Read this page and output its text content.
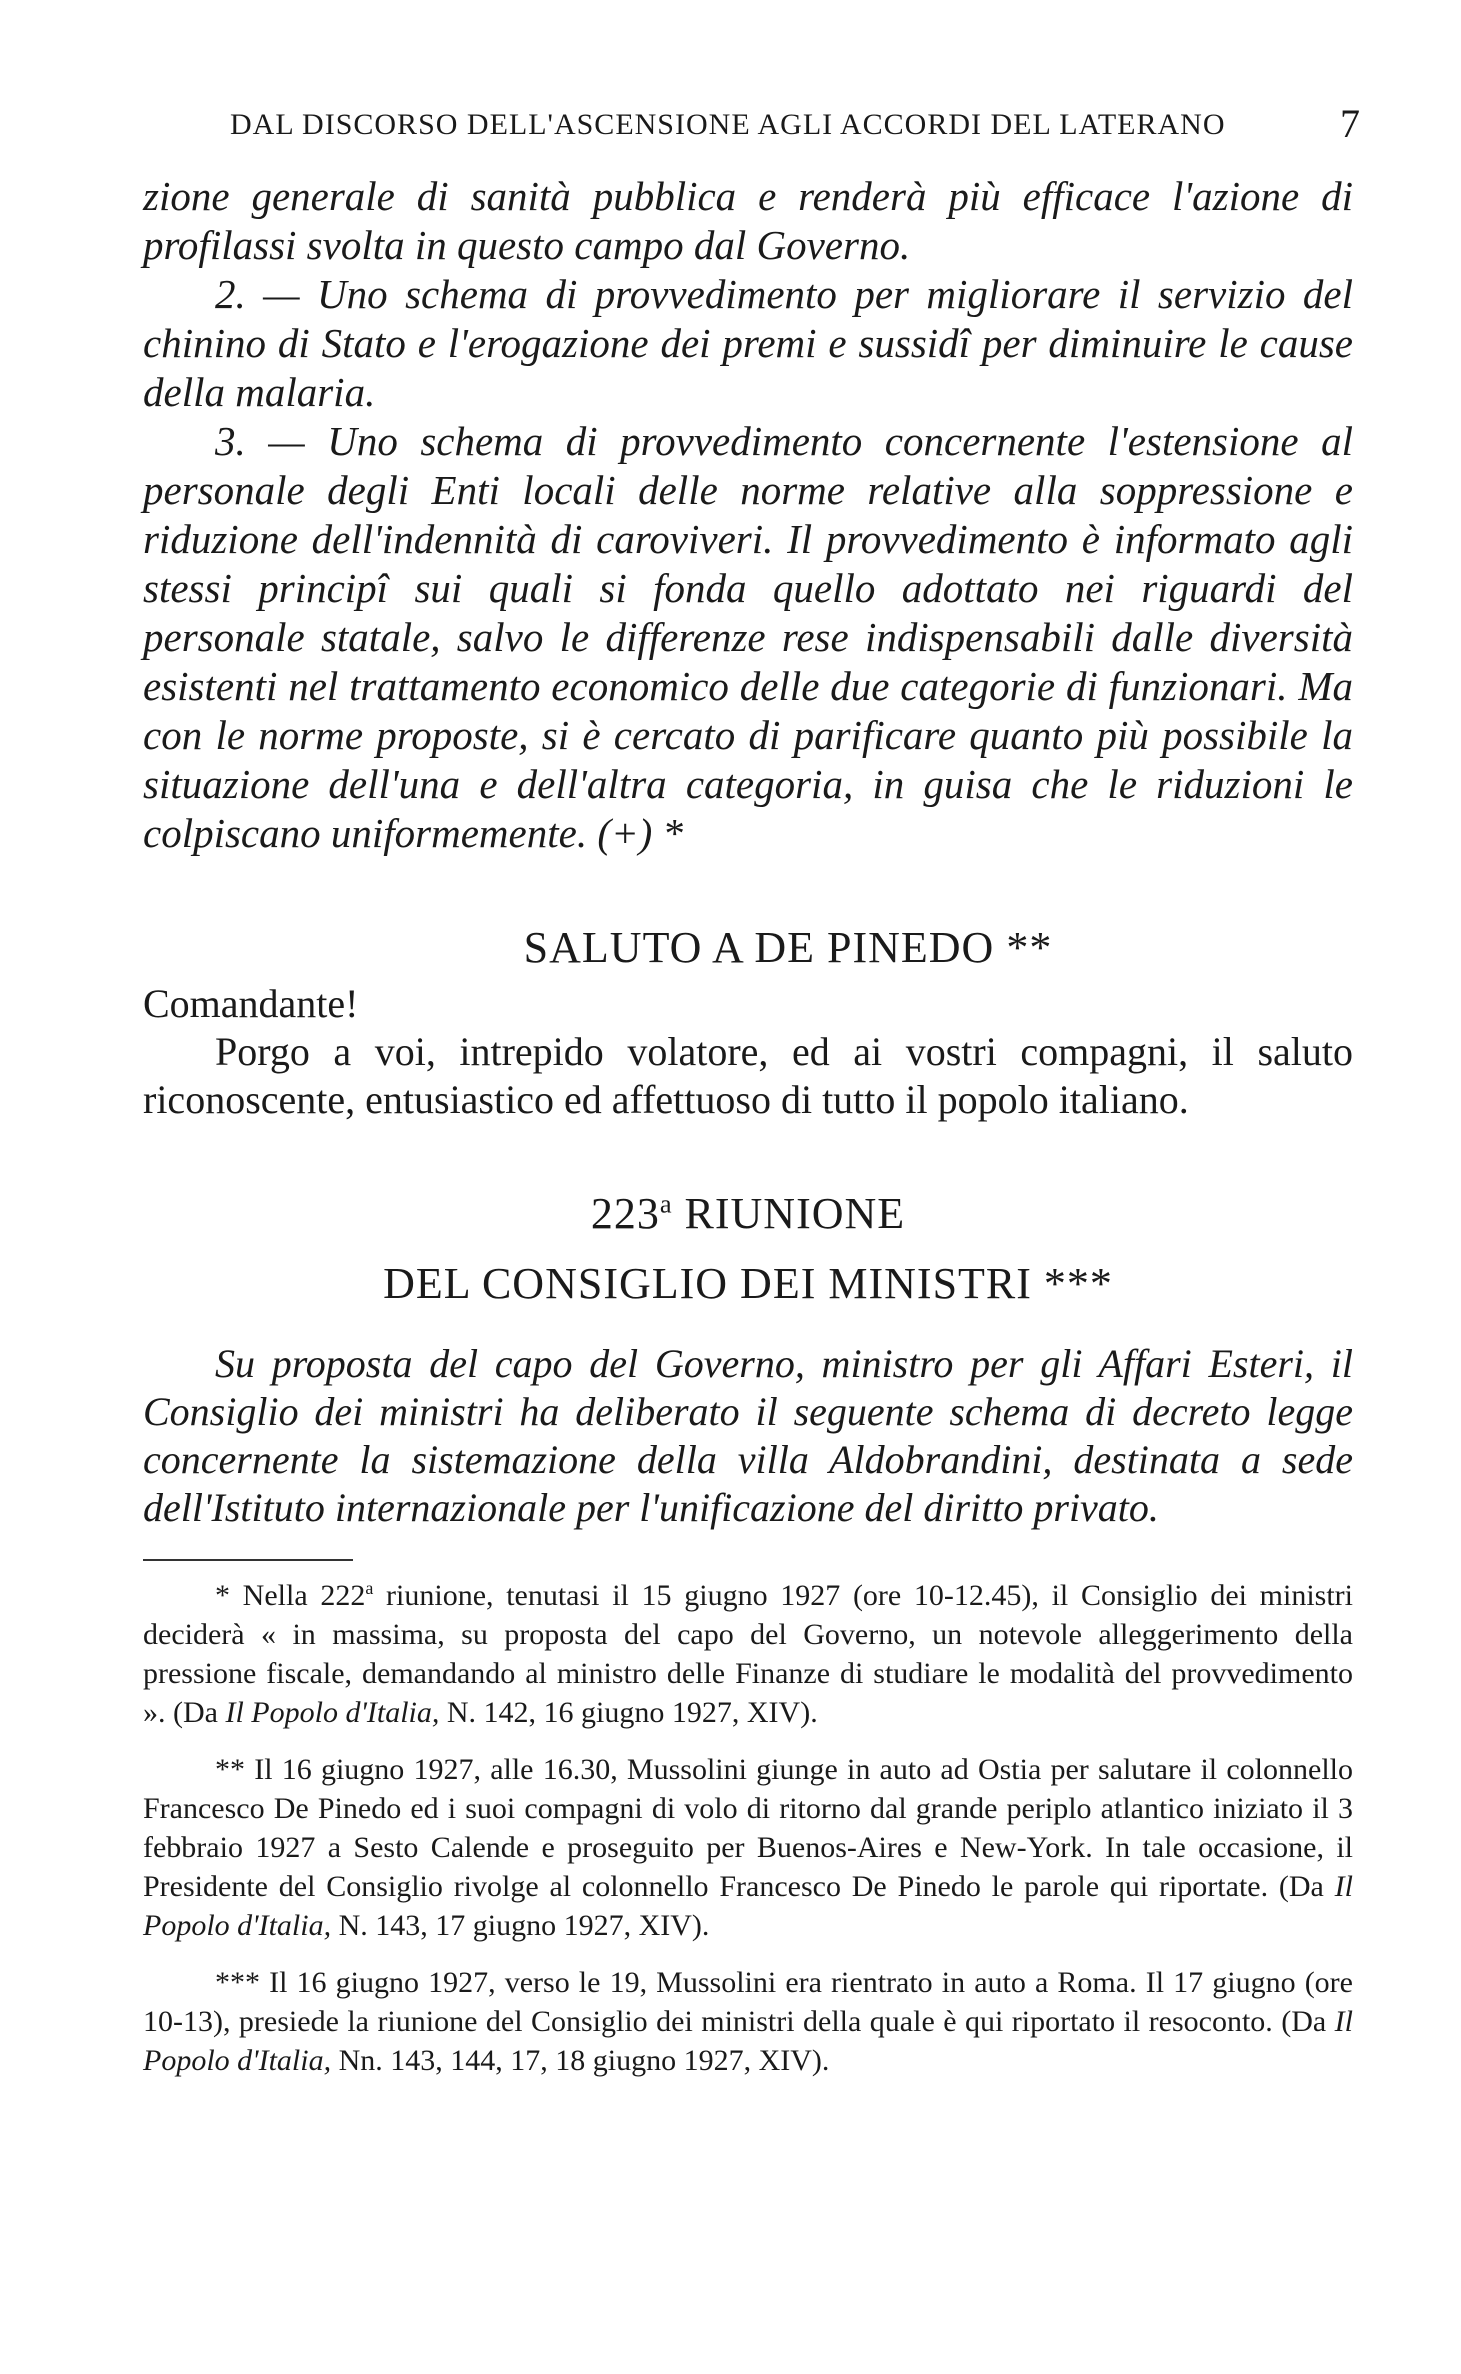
DAL DISCORSO DELL'ASCENSIONE AGLI ACCORDI DEL LATERANO	7

zione generale di sanità pubblica e renderà più efficace l'azione di profilassi svolta in questo campo dal Governo.

2. — Uno schema di provvedimento per migliorare il servizio del chinino di Stato e l'erogazione dei premi e sussidî per diminuire le cause della malaria.

3. — Uno schema di provvedimento concernente l'estensione al personale degli Enti locali delle norme relative alla soppressione e riduzione dell'indennità di caroviveri. Il provvedimento è informato agli stessi principî sui quali si fonda quello adottato nei riguardi del personale statale, salvo le differenze rese indispensabili dalle diversità esistenti nel trattamento economico delle due categorie di funzionari. Ma con le norme proposte, si è cercato di parificare quanto più possibile la situazione dell'una e dell'altra categoria, in guisa che le riduzioni le colpiscano uniformemente. (+) *

SALUTO A DE PINEDO **

Comandante!

Porgo a voi, intrepido volatore, ed ai vostri compagni, il saluto riconoscente, entusiastico ed affettuoso di tutto il popolo italiano.

223$^a$ RIUNIONE
DEL CONSIGLIO DEI MINISTRI ***

Su proposta del capo del Governo, ministro per gli Affari Esteri, il Consiglio dei ministri ha deliberato il seguente schema di decreto legge concernente la sistemazione della villa Aldobrandini, destinata a sede dell'Istituto internazionale per l'unificazione del diritto privato.

* Nella 222$^a$ riunione, tenutasi il 15 giugno 1927 (ore 10-12.45), il Consiglio dei ministri deciderà « in massima, su proposta del capo del Governo, un notevole alleggerimento della pressione fiscale, demandando al ministro delle Finanze di studiare le modalità del provvedimento ». (Da Il Popolo d'Italia, N. 142, 16 giugno 1927, XIV).

** Il 16 giugno 1927, alle 16.30, Mussolini giunge in auto ad Ostia per salutare il colonnello Francesco De Pinedo ed i suoi compagni di volo di ritorno dal grande periplo atlantico iniziato il 3 febbraio 1927 a Sesto Calende e proseguito per Buenos-Aires e New-York. In tale occasione, il Presidente del Consiglio rivolge al colonnello Francesco De Pinedo le parole qui riportate. (Da Il Popolo d'Italia, N. 143, 17 giugno 1927, XIV).

*** Il 16 giugno 1927, verso le 19, Mussolini era rientrato in auto a Roma. Il 17 giugno (ore 10-13), presiede la riunione del Consiglio dei ministri della quale è qui riportato il resoconto. (Da Il Popolo d'Italia, Nn. 143, 144, 17, 18 giugno 1927, XIV).
